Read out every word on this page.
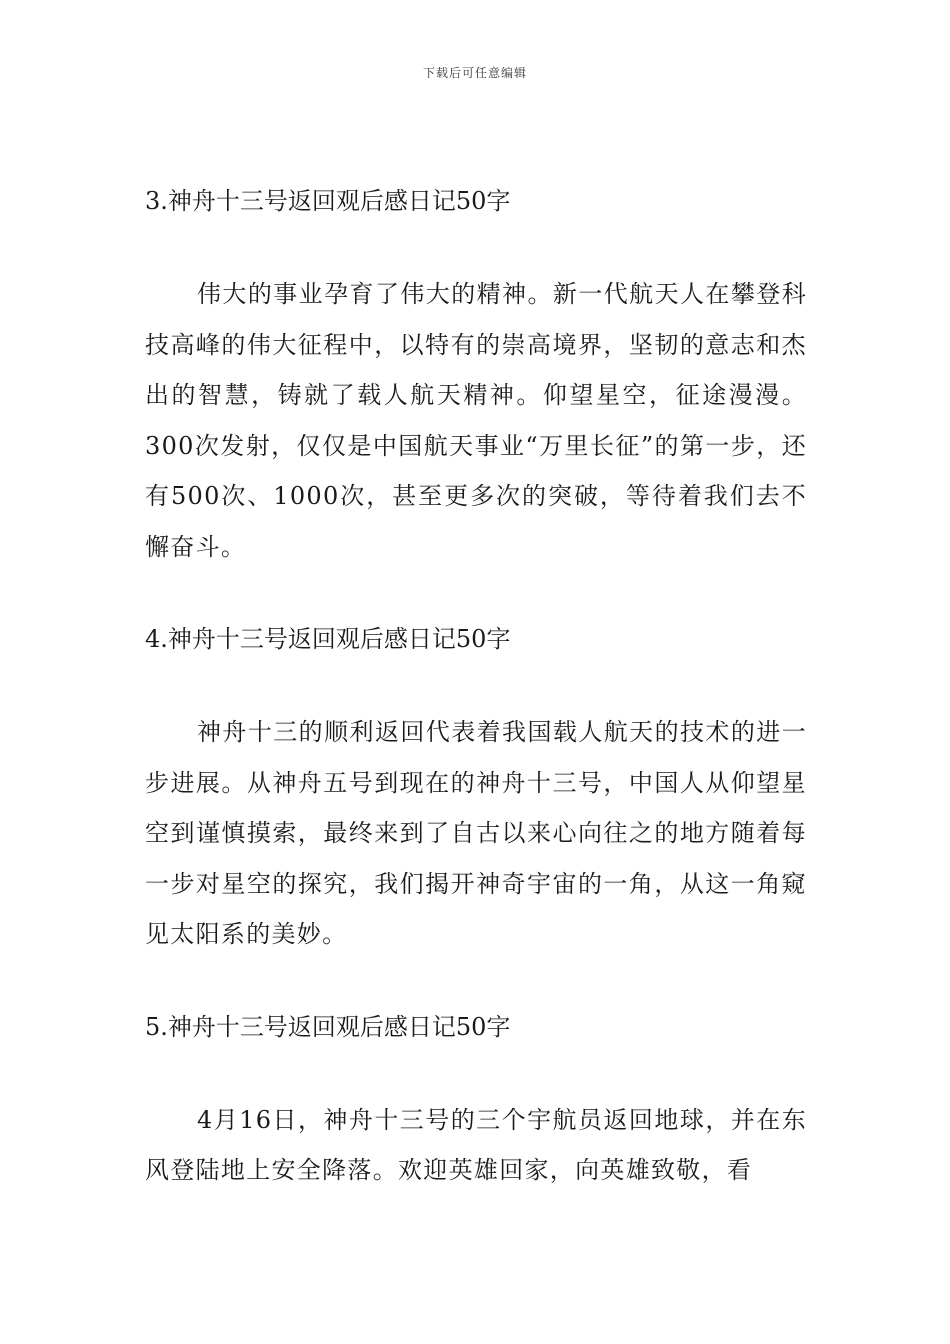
下载后可任意编辑
3.神舟十三号返回观后感日记50字

伟大的事业孕育了伟大的精神。新一代航天人在攀登科技高峰的伟大征程中，以特有的崇高境界，坚韧的意志和杰出的智慧，铸就了载人航天精神。仰望星空，征途漫漫。300次发射，仅仅是中国航天事业“万里长征”的第一步，还有500次、1000次，甚至更多次的突破，等待着我们去不懈奋斗。

4.神舟十三号返回观后感日记50字

神舟十三的顺利返回代表着我国载人航天的技术的进一步进展。从神舟五号到现在的神舟十三号，中国人从仰望星空到谨慎摸索，最终来到了自古以来心向往之的地方随着每一步对星空的探究，我们揭开神奇宇宙的一角，从这一角窥见太阳系的美妙。

5.神舟十三号返回观后感日记50字

4月16日，神舟十三号的三个宇航员返回地球，并在东风登陆地上安全降落。欢迎英雄回家，向英雄致敬，看
